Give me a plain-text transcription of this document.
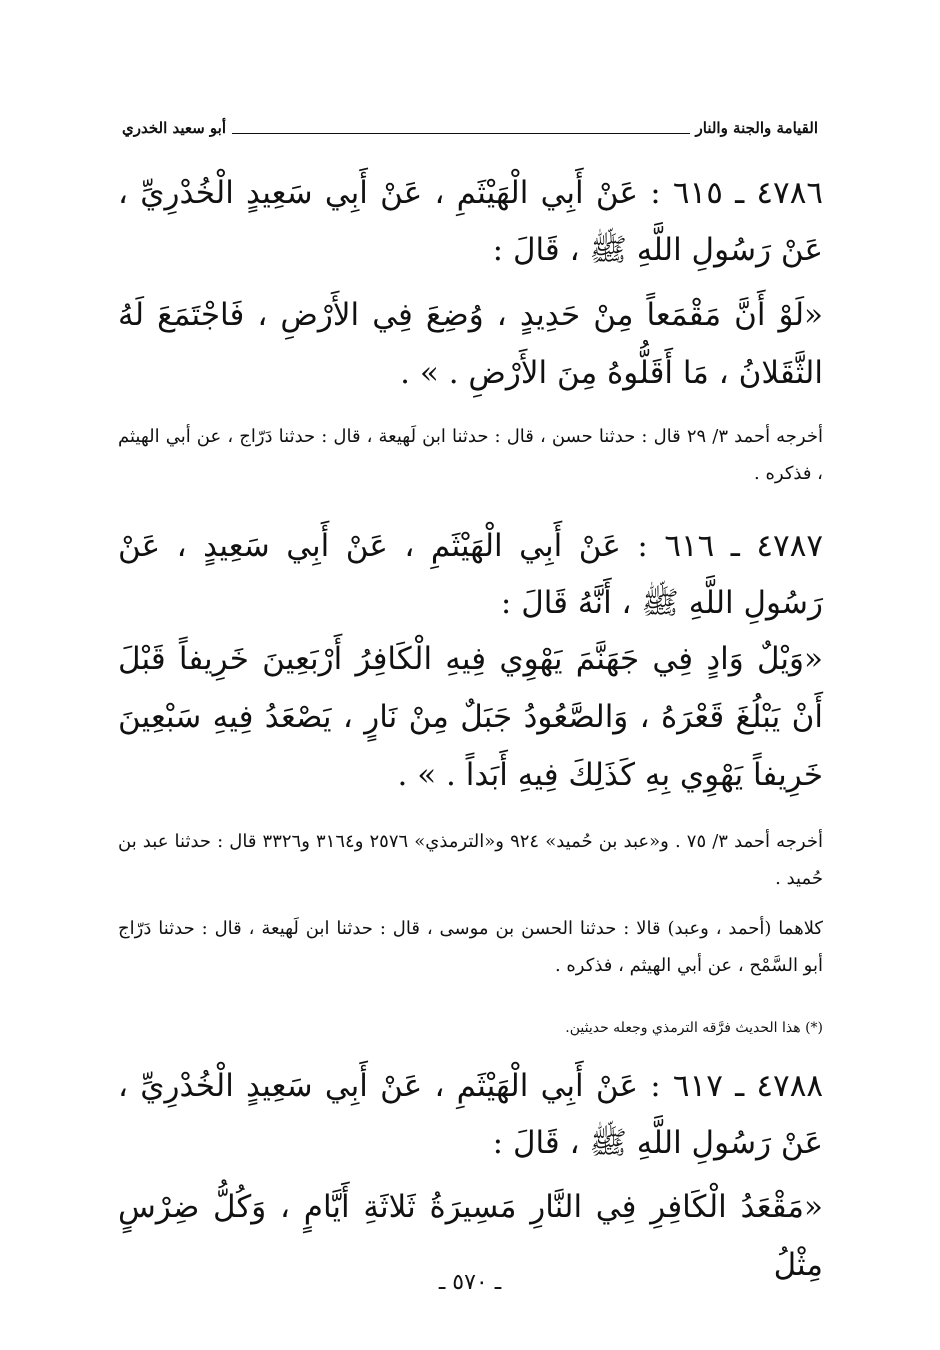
القيامة والجنة والنار
أبو سعيد الخدري
٤٧٨٦ ـ ٦١٥ : عَنْ أَبِي الْهَيْثَمِ ، عَنْ أَبِي سَعِيدٍ الْخُدْرِيِّ ، عَنْ رَسُولِ اللَّهِ ﷺ ، قَالَ :
«لَوْ أَنَّ مَقْمَعاً مِنْ حَدِيدٍ ، وُضِعَ فِي الأَرْضِ ، فَاجْتَمَعَ لَهُ الثَّقَلانُ ، مَا أَقَلُّوهُ مِنَ الأَرْضِ . » .
أخرجه أحمد ٣/ ٢٩ قال : حدثنا حسن ، قال : حدثنا ابن لَهيعة ، قال : حدثنا دَرّاج ، عن أبي الهيثم ، فذكره .
٤٧٨٧ ـ ٦١٦ : عَنْ أَبِي الْهَيْثَمِ ، عَنْ أَبِي سَعِيدٍ ، عَنْ رَسُولِ اللَّهِ ﷺ ، أَنَّهُ قَالَ :
«وَيْلٌ وَادٍ فِي جَهَنَّمَ يَهْوِي فِيهِ الْكَافِرُ أَرْبَعِينَ خَرِيفاً قَبْلَ أَنْ يَبْلُغَ قَعْرَهُ ، وَالصَّعُودُ جَبَلٌ مِنْ نَارٍ ، يَصْعَدُ فِيهِ سَبْعِينَ خَرِيفاً يَهْوِي بِهِ كَذَلِكَ فِيهِ أَبَداً . » .
أخرجه أحمد ٣/ ٧٥ . و«عبد بن حُميد» ٩٢٤ و«الترمذي» ٢٥٧٦ و٣١٦٤ و٣٣٢٦ قال : حدثنا عبد بن حُميد .
كلاهما (أحمد ، وعبد) قالا : حدثنا الحسن بن موسى ، قال : حدثنا ابن لَهيعة ، قال : حدثنا دَرّاج أبو السَّمْح ، عن أبي الهيثم ، فذكره .
(*) هذا الحديث فرَّقه الترمذي وجعله حديثين.
٤٧٨٨ ـ ٦١٧ : عَنْ أَبِي الْهَيْثَمِ ، عَنْ أَبِي سَعِيدٍ الْخُدْرِيِّ ، عَنْ رَسُولِ اللَّهِ ﷺ ، قَالَ :
«مَقْعَدُ الْكَافِرِ فِي النَّارِ مَسِيرَةُ ثَلاثَةِ أَيَّامٍ ، وَكُلُّ ضِرْسٍ مِثْلُ
ـ ٥٧٠ ـ
